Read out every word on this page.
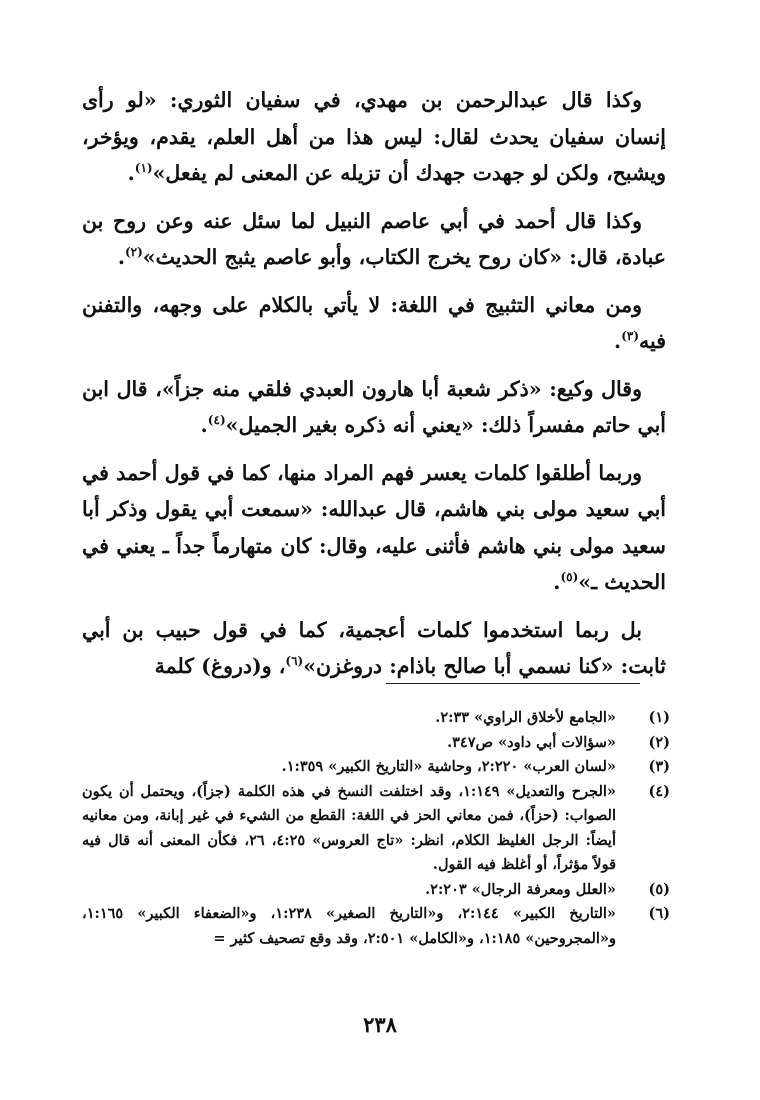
وكذا قال عبدالرحمن بن مهدي، في سفيان الثوري: «لو رأى إنسان سفيان يحدث لقال: ليس هذا من أهل العلم، يقدم، ويؤخر، ويشبح، ولكن لو جهدت جهدك أن تزيله عن المعنى لم يفعل»$^{(١)}$.

وكذا قال أحمد في أبي عاصم النبيل لما سئل عنه وعن روح بن عبادة، قال: «كان روح يخرج الكتاب، وأبو عاصم يثبج الحديث»$^{(٢)}$.

ومن معاني التثبيج في اللغة: لا يأتي بالكلام على وجهه، والتفنن فيه$^{(٣)}$.

وقال وكيع: «ذكر شعبة أبا هارون العبدي فلقي منه جزاً»، قال ابن أبي حاتم مفسراً ذلك: «يعني أنه ذكره بغير الجميل»$^{(٤)}$.

وربما أطلقوا كلمات يعسر فهم المراد منها، كما في قول أحمد في أبي سعيد مولى بني هاشم، قال عبدالله: «سمعت أبي يقول وذكر أبا سعيد مولى بني هاشم فأثنى عليه، وقال: كان متهارماً جداً ـ يعني في الحديث ـ»$^{(٥)}$.

بل ربما استخدموا كلمات أعجمية، كما في قول حبيب بن أبي ثابت: «كنا نسمي أبا صالح باذام: دروغزن»$^{(٦)}$، و(دروغ) كلمة

(١)
«الجامع لأخلاق الراوي» ٢:٣٣.
(٢)
«سؤالات أبي داود» ص٣٤٧.
(٣)
«لسان العرب» ٢:٢٢٠، وحاشية «التاريخ الكبير» ١:٣٥٩.
(٤)
«الجرح والتعديل» ١:١٤٩، وقد اختلفت النسخ في هذه الكلمة (جزاً)، ويحتمل أن يكون الصواب: (حزاً)، فمن معاني الحز في اللغة: القطع من الشيء في غير إبانة، ومن معانيه أيضاً: الرجل الغليظ الكلام، انظر: «تاج العروس» ٤:٢٥، ٢٦، فكأن المعنى أنه قال فيه قولاً مؤثراً، أو أغلظ فيه القول.
(٥)
«العلل ومعرفة الرجال» ٢:٢٠٣.
(٦)
«التاريخ الكبير» ٢:١٤٤، و«التاريخ الصغير» ١:٢٣٨، و«الضعفاء الكبير» ١:١٦٥، و«المجروحين» ١:١٨٥، و«الكامل» ٢:٥٠١، وقد وقع تصحيف كثير =
٢٣٨
